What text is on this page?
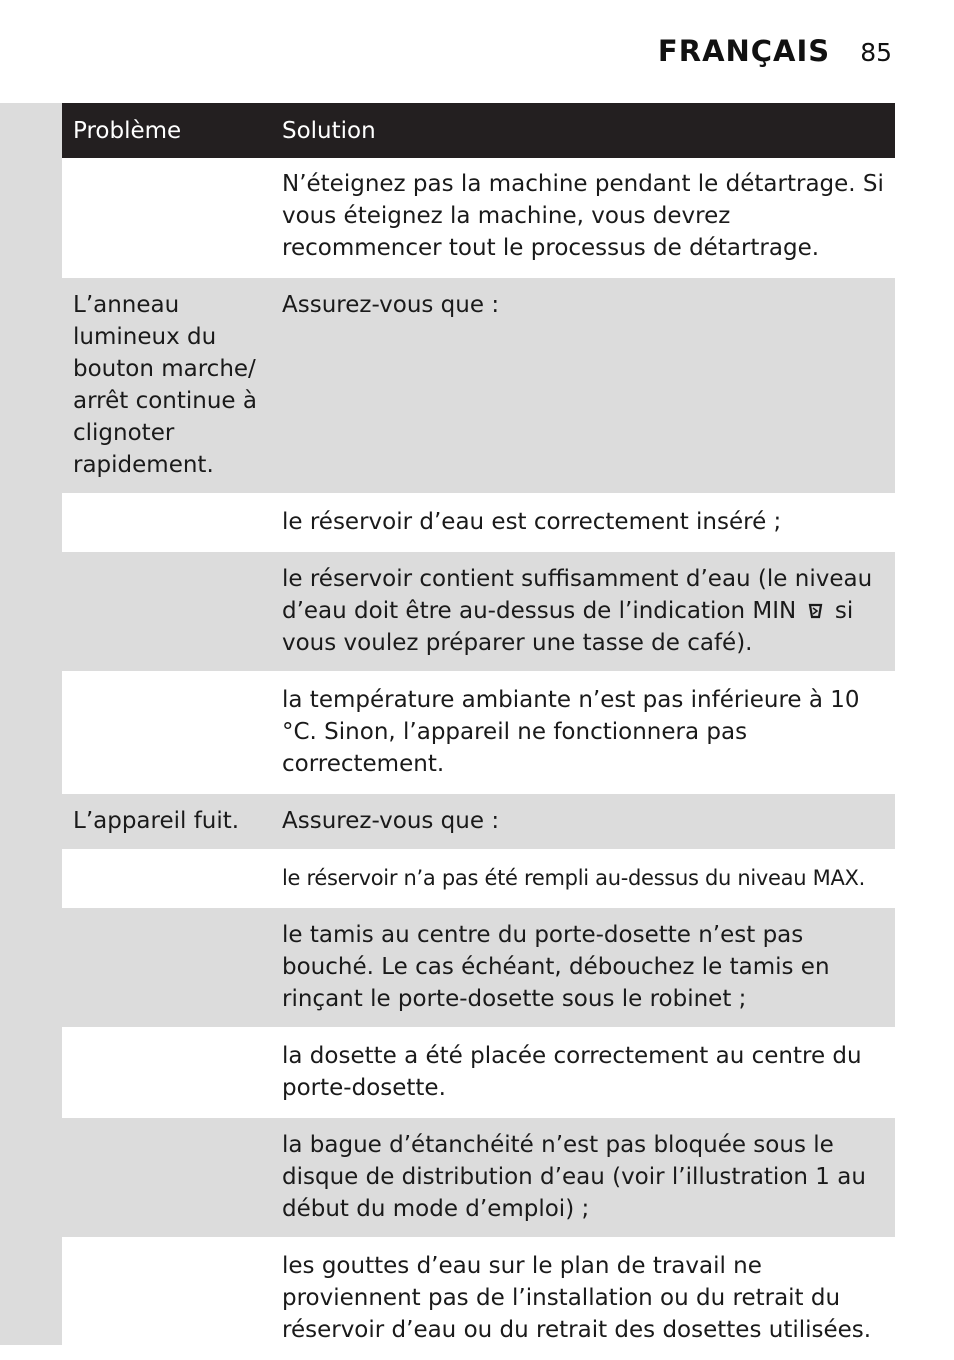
FRANÇAIS 85
Problème	Solution
N’éteignez pas la machine pendant le détartrage. Si vous éteignez la machine, vous devrez recommencer tout le processus de détartrage.
L’anneau lumineux du bouton marche/ arrêt continue à clignoter rapidement.
Assurez-vous que :
le réservoir d’eau est correctement inséré ;
le réservoir contient suffisamment d’eau (le niveau d’eau doit être au-dessus de l’indication MIN si vous voulez préparer une tasse de café).
la température ambiante n’est pas inférieure à 10 °C. Sinon, l’appareil ne fonctionnera pas correctement.
L’appareil fuit.	Assurez-vous que :
le réservoir n’a pas été rempli au-dessus du niveau MAX.
le tamis au centre du porte-dosette n’est pas bouché. Le cas échéant, débouchez le tamis en rinçant le porte-dosette sous le robinet ;
la dosette a été placée correctement au centre du porte-dosette.
la bague d’étanchéité n’est pas bloquée sous le disque de distribution d’eau (voir l’illustration 1 au début du mode d’emploi) ;
les gouttes d’eau sur le plan de travail ne proviennent pas de l’installation ou du retrait du réservoir d’eau ou du retrait des dosettes utilisées.
